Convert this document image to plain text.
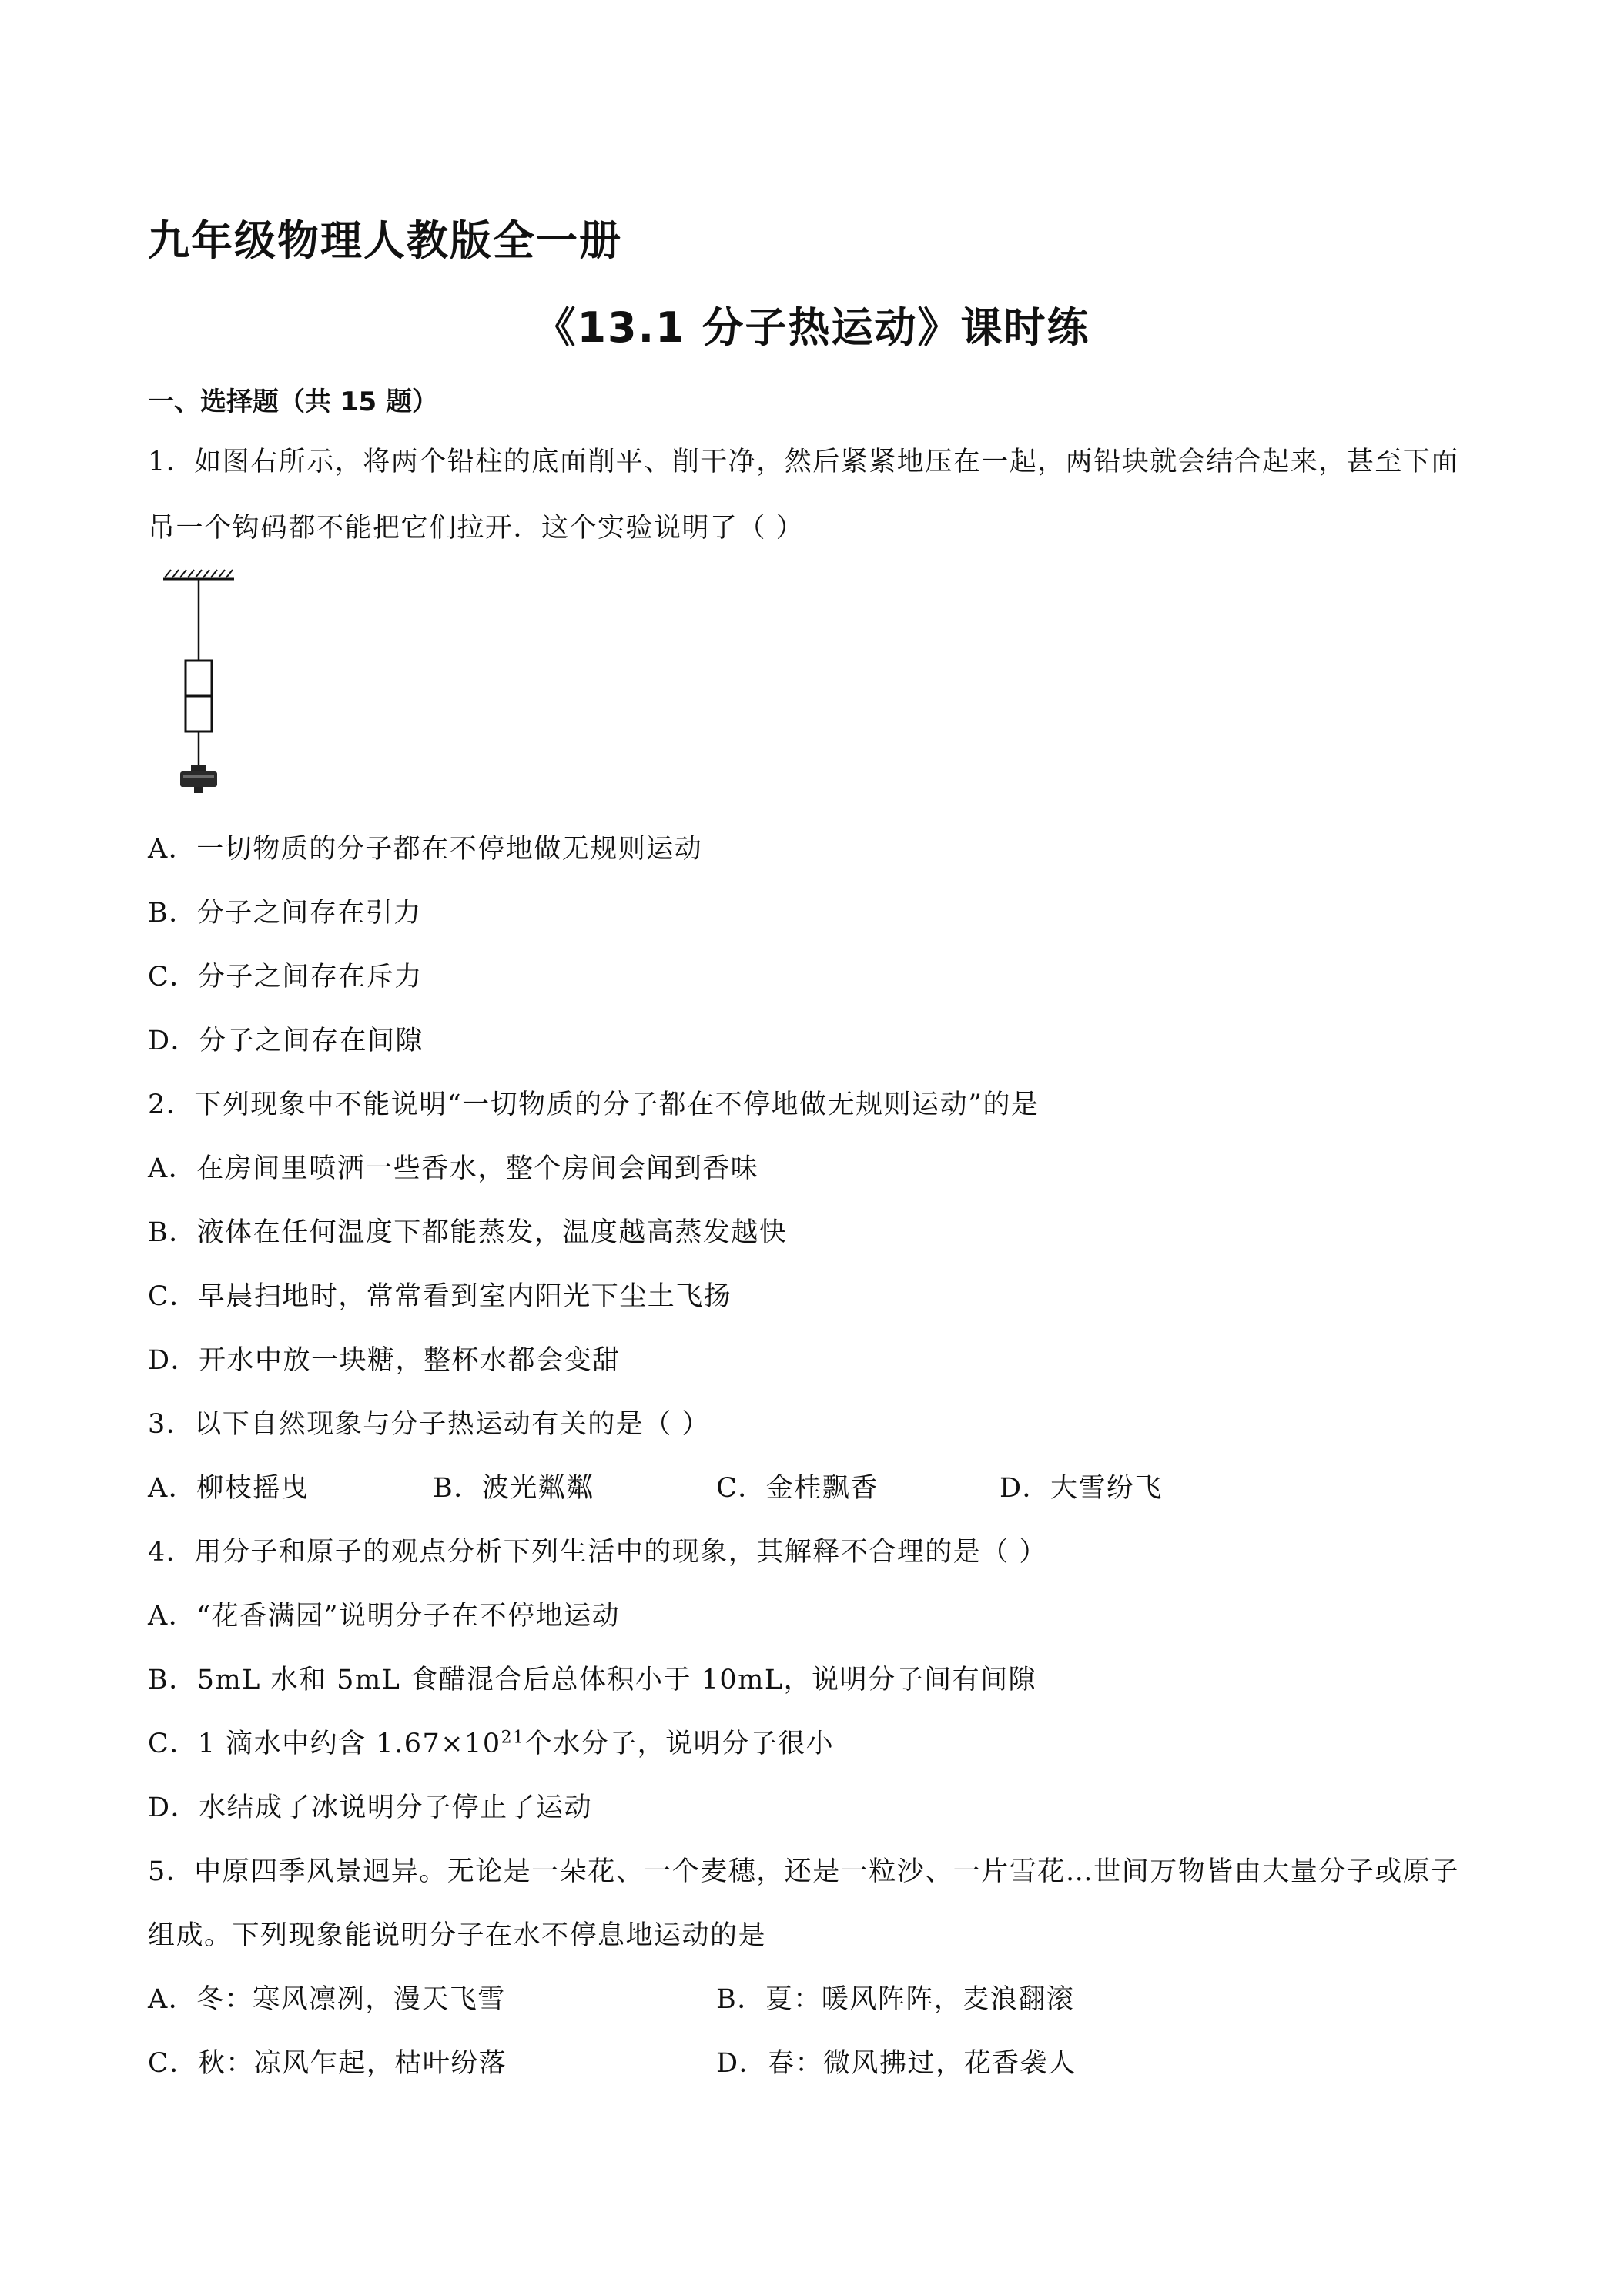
九年级物理人教版全一册
《13.1 分子热运动》课时练
一、选择题（共 15 题）
1．如图右所示，将两个铅柱的底面削平、削干净，然后紧紧地压在一起，两铅块就会结合起来，甚至下面
吊一个钩码都不能把它们拉开．这个实验说明了（ ）
A．一切物质的分子都在不停地做无规则运动
B．分子之间存在引力
C．分子之间存在斥力
D．分子之间存在间隙
2．下列现象中不能说明“一切物质的分子都在不停地做无规则运动”的是
A．在房间里喷洒一些香水，整个房间会闻到香味
B．液体在任何温度下都能蒸发，温度越高蒸发越快
C．早晨扫地时，常常看到室内阳光下尘土飞扬
D．开水中放一块糖，整杯水都会变甜
3．以下自然现象与分子热运动有关的是（ ）
A．柳枝摇曳	B．波光粼粼	C．金桂飘香	D．大雪纷飞
4．用分子和原子的观点分析下列生活中的现象，其解释不合理的是（ ）
A．“花香满园”说明分子在不停地运动
B．5mL 水和 5mL 食醋混合后总体积小于 10mL，说明分子间有间隙
C．1 滴水中约含 $1.67\times 10^{21}$个水分子，说明分子很小
D．水结成了冰说明分子停止了运动
5．中原四季风景迥异。无论是一朵花、一个麦穗，还是一粒沙、一片雪花…世间万物皆由大量分子或原子
组成。下列现象能说明分子在水不停息地运动的是
A．冬：寒风凛冽，漫天飞雪	B．夏：暖风阵阵，麦浪翻滚
C．秋：凉风乍起，枯叶纷落	D．春：微风拂过，花香袭人
